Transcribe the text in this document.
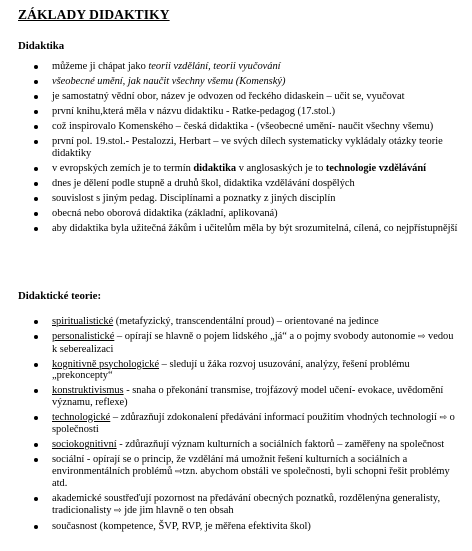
ZÁKLADY DIDAKTIKY
Didaktika
můžeme ji chápat jako teorii vzdělání, teorii vyučování
všeobecné umění, jak naučit všechny všemu (Komenský)
je samostatný vědní obor, název je odvozen od řeckého didaskein – učit se, vyučovat
první knihu,která měla v názvu didaktiku - Ratke-pedagog (17.stol.)
což inspirovalo Komenského – česká didaktika - (všeobecné umění- naučit všechny všemu)
první pol. 19.stol.- Pestalozzi, Herbart – ve svých dílech systematicky vykládaly otázky teorie didaktiky
v evropských zemích je to termín didaktika v anglosaských je to technologie vzdělávání
dnes je dělení podle stupně a druhů škol, didaktika vzdělávání dospělých
souvislost s jiným pedag. Disciplínami a poznatky z jiných disciplín
obecná nebo oborová didaktika (základní, aplikovaná)
aby didaktika byla užitečná žákům i učitelům měla by být srozumitelná, cílená, co nejpřístupnější
Didaktické teorie:
spiritualistické (metafyzický, transcendentální proud) – orientované na jedince
personalistické – opírají se hlavně o pojem lidského „já“ a o pojmy svobody autonomie ⇨ vedou k seberealizaci
kognitivně psychologické – sledují u žáka rozvoj usuzování, analýzy, řešení problému „prekoncepty“
konstruktivismus - snaha o překonání transmise, trojfázový model učení- evokace, uvědomění významu, reflexe)
technologické – zdůrazňují zdokonalení předávání informací použitím vhodných technologií ⇨ o společnosti
sociokognitivní - zdůrazňují význam kulturních a sociálních faktorů – zaměřeny na společnost
sociální - opírají se o princip, že vzdělání má umožnit řešení kulturních a sociálních a environmentálních problémů ⇨tzn. abychom obstáli ve společnosti, byli schopni řešit problémy atd.
akademické soustřeďují pozornost na předávání obecných poznatků, rozdělenýna generalisty, tradicionalisty ⇨ jde jim hlavně o ten obsah
současnost (kompetence, ŠVP, RVP, je měřena efektivita škol)
